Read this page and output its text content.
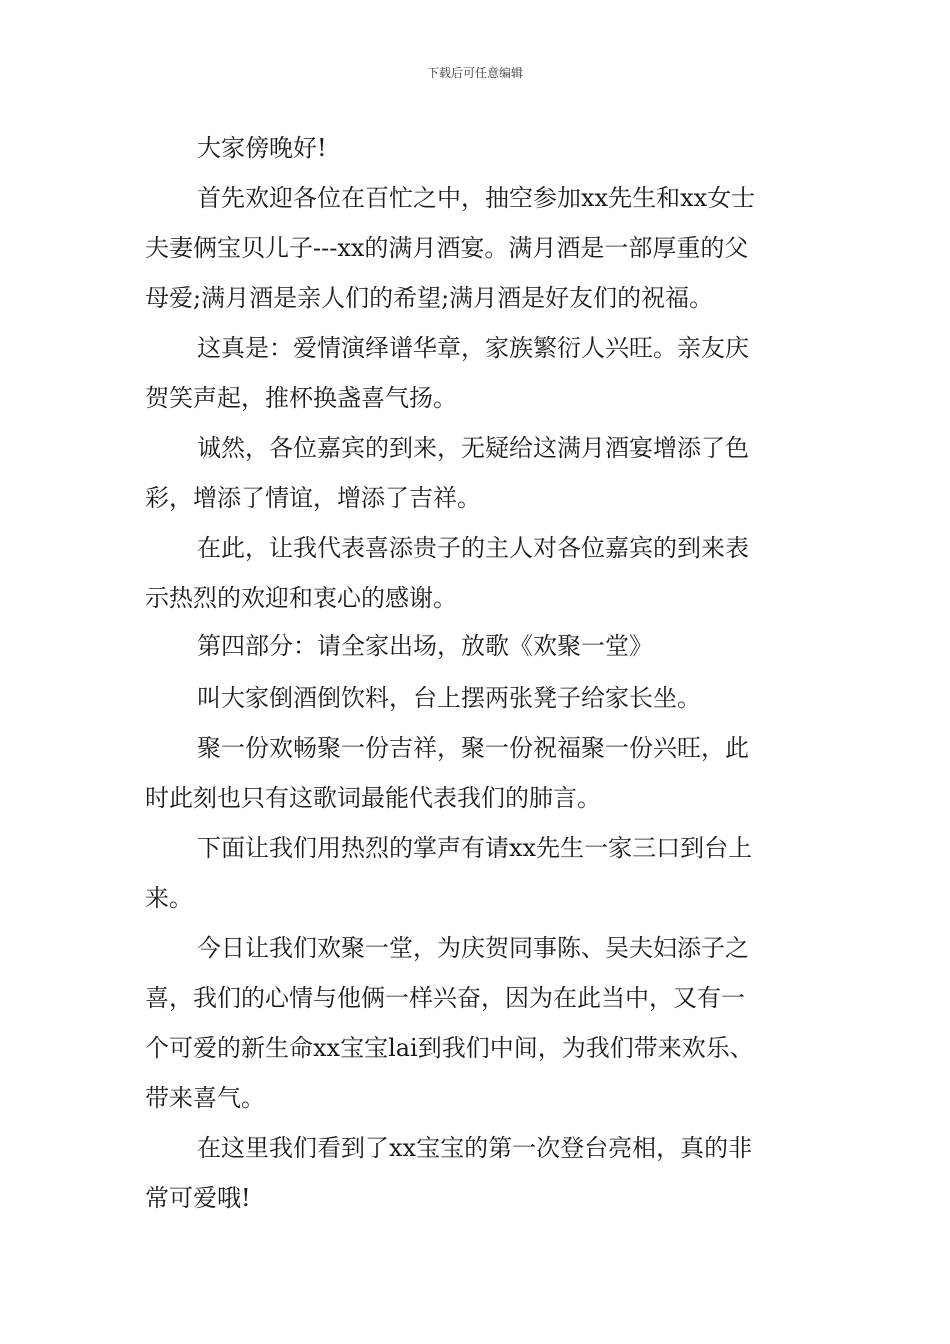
下载后可任意编辑
大家傍晚好!
首先欢迎各位在百忙之中，抽空参加xx先生和xx女士
夫妻俩宝贝儿子---xx的满月酒宴。满月酒是一部厚重的父
母爱;满月酒是亲人们的希望;满月酒是好友们的祝福。
这真是：爱情演绎谱华章，家族繁衍人兴旺。亲友庆
贺笑声起，推杯换盏喜气扬。
诚然，各位嘉宾的到来，无疑给这满月酒宴增添了色
彩，增添了情谊，增添了吉祥。
在此，让我代表喜添贵子的主人对各位嘉宾的到来表
示热烈的欢迎和衷心的感谢。
第四部分：请全家出场，放歌《欢聚一堂》
叫大家倒酒倒饮料，台上摆两张凳子给家长坐。
聚一份欢畅聚一份吉祥，聚一份祝福聚一份兴旺，此
时此刻也只有这歌词最能代表我们的肺言。
下面让我们用热烈的掌声有请xx先生一家三口到台上
来。
今日让我们欢聚一堂，为庆贺同事陈、吴夫妇添子之
喜，我们的心情与他俩一样兴奋，因为在此当中，又有一
个可爱的新生命xx宝宝lai到我们中间，为我们带来欢乐、
带来喜气。
在这里我们看到了xx宝宝的第一次登台亮相，真的非
常可爱哦!
